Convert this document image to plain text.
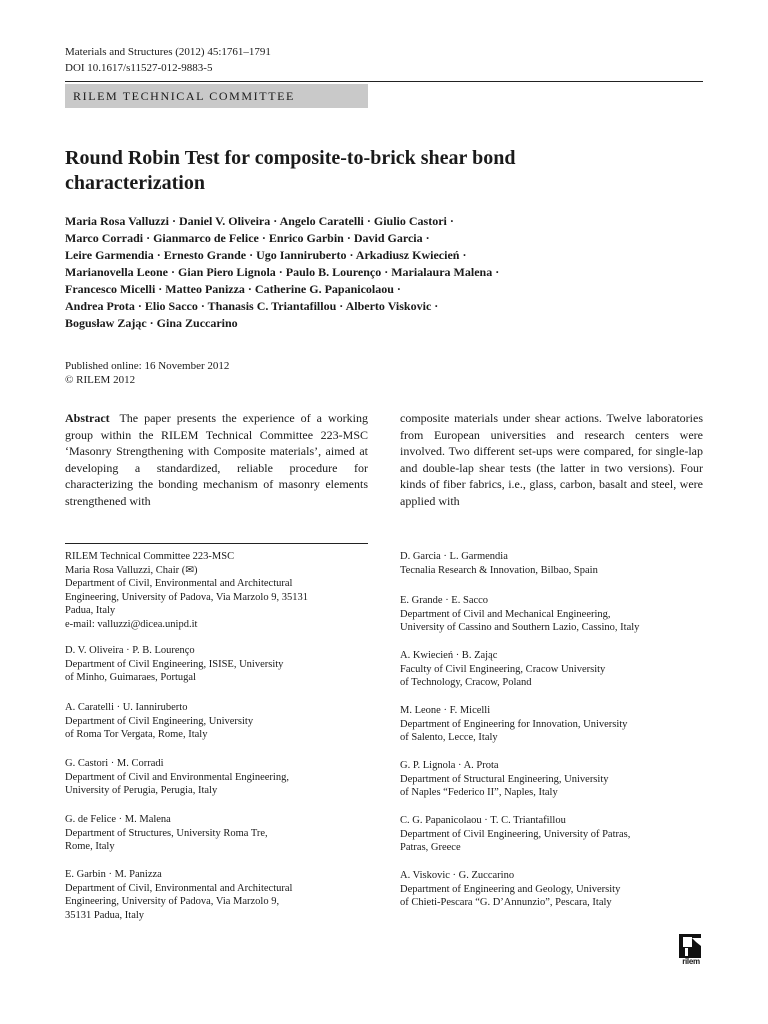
Materials and Structures (2012) 45:1761–1791
DOI 10.1617/s11527-012-9883-5
RILEM TECHNICAL COMMITTEE
Round Robin Test for composite-to-brick shear bond
characterization
Maria Rosa Valluzzi · Daniel V. Oliveira · Angelo Caratelli · Giulio Castori ·
Marco Corradi · Gianmarco de Felice · Enrico Garbin · David Garcia ·
Leire Garmendia · Ernesto Grande · Ugo Ianniruberto · Arkadiusz Kwiecień ·
Marianovella Leone · Gian Piero Lignola · Paulo B. Lourenço · Marialaura Malena ·
Francesco Micelli · Matteo Panizza · Catherine G. Papanicolaou ·
Andrea Prota · Elio Sacco · Thanasis C. Triantafillou · Alberto Viskovic ·
Bogusław Zając · Gina Zuccarino
Published online: 16 November 2012
© RILEM 2012
Abstract The paper presents the experience of a working group within the RILEM Technical Committee 223-MSC ‘Masonry Strengthening with Composite materials’, aimed at developing a standardized, reliable procedure for characterizing the bonding mechanism of masonry elements strengthened with
composite materials under shear actions. Twelve laboratories from European universities and research centers were involved. Two different set-ups were compared, for single-lap and double-lap shear tests (the latter in two versions). Four kinds of fiber fabrics, i.e., glass, carbon, basalt and steel, were applied with
RILEM Technical Committee 223-MSC
Maria Rosa Valluzzi, Chair (✉)
Department of Civil, Environmental and Architectural
Engineering, University of Padova, Via Marzolo 9, 35131
Padua, Italy
e-mail: valluzzi@dicea.unipd.it
D. V. Oliveira · P. B. Lourenço
Department of Civil Engineering, ISISE, University
of Minho, Guimaraes, Portugal
A. Caratelli · U. Ianniruberto
Department of Civil Engineering, University
of Roma Tor Vergata, Rome, Italy
G. Castori · M. Corradi
Department of Civil and Environmental Engineering,
University of Perugia, Perugia, Italy
G. de Felice · M. Malena
Department of Structures, University Roma Tre,
Rome, Italy
E. Garbin · M. Panizza
Department of Civil, Environmental and Architectural
Engineering, University of Padova, Via Marzolo 9,
35131 Padua, Italy
D. Garcia · L. Garmendia
Tecnalia Research & Innovation, Bilbao, Spain
E. Grande · E. Sacco
Department of Civil and Mechanical Engineering,
University of Cassino and Southern Lazio, Cassino, Italy
A. Kwiecień · B. Zając
Faculty of Civil Engineering, Cracow University
of Technology, Cracow, Poland
M. Leone · F. Micelli
Department of Engineering for Innovation, University
of Salento, Lecce, Italy
G. P. Lignola · A. Prota
Department of Structural Engineering, University
of Naples “Federico II”, Naples, Italy
C. G. Papanicolaou · T. C. Triantafillou
Department of Civil Engineering, University of Patras,
Patras, Greece
A. Viskovic · G. Zuccarino
Department of Engineering and Geology, University
of Chieti-Pescara “G. D’Annunzio”, Pescara, Italy
rilem
